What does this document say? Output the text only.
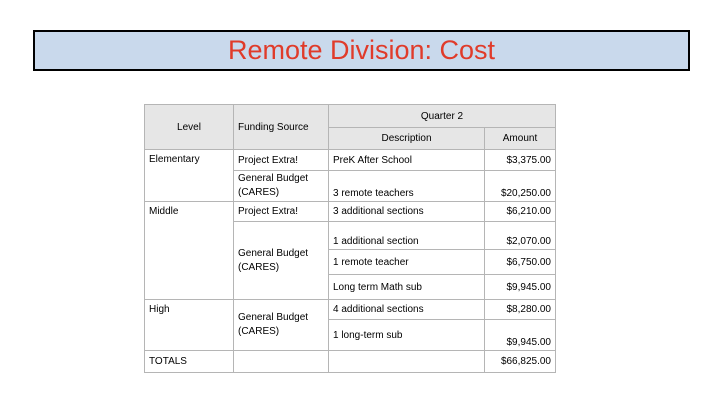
Remote Division: Cost
Level	Funding Source	Quarter 2	
		Description	Amount
Elementary	Project Extra!	PreK After School	$3,375.00
	General Budget (CARES)	3 remote teachers	$20,250.00
Middle	Project Extra!	3 additional sections	$6,210.00
	General Budget (CARES)	1 additional section	$2,070.00
		1 remote teacher	$6,750.00
		Long term Math sub	$9,945.00
High	General Budget (CARES)	4 additional sections	$8,280.00
		1 long-term sub	$9,945.00
TOTALS			$66,825.00
